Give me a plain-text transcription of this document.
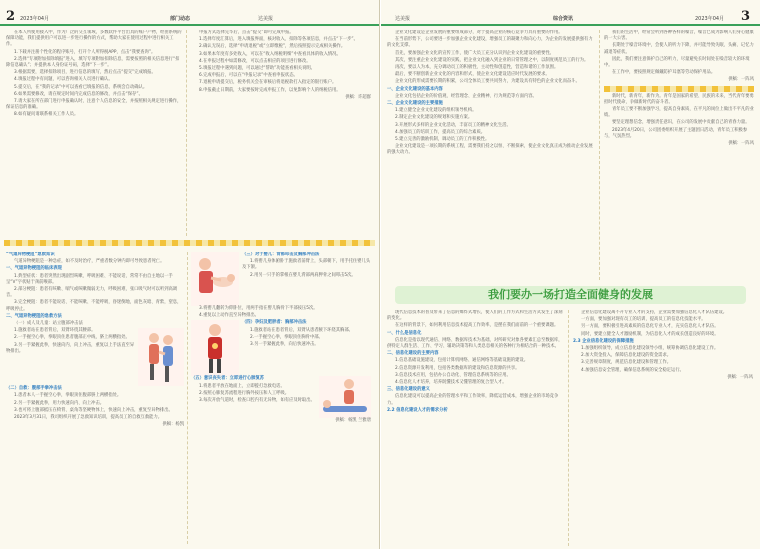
2 2023年04月	部门动态	达美报

在本人所使用接入中，作为广泛的交互领域，多数软件平台出具的账户产物，经由系统的保障功能，我们提供用户可以进一步进行操作的方式，帮助大家在使用过程中进行相关工作。

1.下载并注册个性化的程序账号，打开个人所得税APP，点击“我要查询”。

2.选择“专项附加扣除填报”进入，填写专项附加扣除信息，需要按照的相关信息进行“扣除信息确认”；并提供本人身份证号码，选择“下一步”。

3.根据需要，选择扣除项目，进行信息的填写，然后点击“提交”完成填报。

4.填报过程中有问题，可以咨询相关人员进行确认。

5.提交后，在“我的记录”中可以查看已填报的信息，系统会自动确认。

6.如果需要修改，请在规定时间内完成信息的修改，并点击“保存”。

7.请大家在所在部门进行申报确认时，注意个人信息的安全，并按照相关规定进行操作，保证信息的准确。

8.如有疑问请联系相关工作人员。

申报方式选择完毕后，点击“提交”即可完成申报。

1.选择年度汇算后，进入填报界面，核对收入、扣除等各项信息，并点击“下一步”。

2.确认无误后，选择“申请退税”或“立即缴税”，然后按照提示完成相关操作。

3.如果本年度有多处收入，可以在“收入纳税明细”中查看具体的收入情况。

4.在申报过程中如需修改，可以点击相应的项目进行修改。

5.填报过程中遇到问题，可以通过“帮助”功能查看相关说明。

6.完成申报后，可以在“申报记录”中查看申报状态。

7.退税申请提交后，税务机关会在审核后将退税款打入指定的银行账户。

8.申报截止日期前，大家要按时完成申报工作，以免影响个人的纳税信用。

供稿：许超群

“气道异物梗阻”急救知识

气道异物梗阻是一种急症，如不及时治疗，严重者数分钟内即可导致患者死亡。

一、气道异物梗阻的临床表现

1.典型症状：患者突然出现剧烈咳嗽、呼吸困难、不能说话，常常不由自主地以一手呈“V”字状贴于颈前喉部。

2.部分梗阻：患者有咳嗽、喘气或咳嗽微弱无力，呼吸困难，张口吸气时可以听到高调音。

3.完全梗阻：患者不能说话、不能咳嗽、不能呼吸，昏迷倒地，面色灰暗、青紫，窒息，呼吸停止。

二、气道异物梗阻的急救方法

（一）成人及儿童：站立腹部冲击法

1.施救者站在患者背后，双臂环绕其腰部。

2.一手握空心拳，拳眼顶住患者腹部正中线，脐上两横指处。

3.另一手紧握此拳，快速向内、向上冲击，重复以上手法直至异物排出。

（二）自救：腹部手拳冲击法

1.患者本人一手握空心拳，拳眼顶住腹部脐上两横指处。

2.另一手紧握此拳，用力快速向内、向上冲击。

3.也可将上腹部抵压在椅背、桌角等坚硬物体上，快速向上冲击，重复至异物排出。

2023年3月31日，我司组织开展了急救知识培训，提高员工的自救互救能力。

供稿：杨凯

（三）对于婴儿：背部叩击及胸部冲击法

1.将婴儿身体俯卧于施救者前臂上，头部朝下，用手托住婴儿头及下颌。

2.用另一只手的掌根在婴儿背部两肩胛骨之间叩击5次。

3.将婴儿翻转为仰卧位，用两手指在婴儿胸骨下半部按压5次。

4.重复以上动作直至异物排出。

（四）孕妇及肥胖者：胸部冲击法

1.施救者站在患者背后，双臂从患者腋下环绕其胸部。

2.一手握空心拳，拳眼顶住胸骨中部。

3.另一手紧握此拳，向后快速冲击。

（五）意识丧失者：立即进行心肺复苏

1.将患者平放在地面上，立即拨打急救电话。

2.按照心肺复苏流程进行胸外按压和人工呼吸。

3.每次开放气道时，检查口腔内有无异物，如有应及时取出。

供稿：杨凯 兰雅唐

达美报	综合资讯	2023年04月 3

企业文化建设是企业发展的重要组成部分，对于提高企业的核心竞争力具有重要的作用。

在当前形势下，公司要进一步加强企业文化建设，增强员工的凝聚力和向心力，为企业的发展提供强有力的文化支撑。

首先，要加强企业文化的宣传工作，使广大员工充分认识到企业文化建设的重要性。

其次，要注重企业文化建设的实践，把企业文化融入到企业的日常管理之中，以制度规范员工的行为。

再次，要以人为本，充分调动员工的积极性、主动性和创造性，营造和谐的工作氛围。

最后，要不断创新企业文化的内容和形式，使企业文化建设适应时代发展的要求。

企业文化的形成需要长期的积累，公司全体员工要共同努力，为建设具有特色的企业文化而奋斗。

一、企业文化建设的基本内容

企业文化包括企业的价值观、经营理念、企业精神、行为规范等方面内容。

二、企业文化建设的主要措施

1.建立健全企业文化建设的组织领导机构。

2.制定企业文化建设的规划和实施方案。

3.开展形式多样的企业文化活动，丰富员工的精神文化生活。

4.加强员工的培训工作，提高员工的综合素质。

5.建立完善的激励机制，调动员工的工作积极性。

企业文化建设是一项长期的系统工程，需要我们持之以恒、不断探索，使企业文化真正成为推动企业发展的强大动力。

我们的生活中，经常会听到各种各样的噪音，噪音已成为影响人们身心健康的一大公害。

长期处于噪音环境中，会使人的听力下降，并可能导致失眠、头痛、记忆力减退等症状。

因此，我们要注意保护自己的听力，尽量避免长时间处在噪音较大的环境中。

在工作中，要按照规定佩戴防护耳塞等劳动保护用品。

供稿：一阵风

新时代，新青年，新作为。青年是国家的希望、民族的未来，当代青年要勇担时代使命，争做新时代的奋斗者。

青年员工要不断加强学习，提高自身素质，在平凡的岗位上做出不平凡的业绩。

要坚定理想信念，增强责任意识，在公司的发展中贡献自己的青春力量。

2023年4月20日，公司团委组织开展了主题团日活动，青年员工积极参与，气氛热烈。

供稿：一阵风

我们要办一场打造全面健身的发展

现代信息技术的普及带来了信息的爆炸式增长，使人们的工作方式和生活方式发生了深刻的变化。

在这样的背景下，如何利用信息技术提高工作效率，是摆在我们面前的一个重要课题。

一、什么是信息化

信息化是指以现代通信、网络、数据库技术为基础，对所研究对象各要素汇总至数据库，供特定人群生活、工作、学习、辅助决策等和人类息息相关的各种行为相结合的一种技术。

二、信息化建设的主要内容

1.信息基础设施建设，包括计算机网络、通信网络等基础设施的建设。

2.信息资源开发利用，包括各类数据库的建设和信息资源的共享。

3.信息技术应用，包括办公自动化、管理信息系统等的应用。

4.信息化人才培养，培养既懂技术又懂管理的复合型人才。

三、信息化建设的意义

信息化建设可以提高企业的管理水平和工作效率，降低运营成本，增强企业的市场竞争力。

2.2 信息化建设人才的需求分析

企业信息化建设离不开专业人才的支持，企业需要加强信息化人才队伍建设。

一方面，要加强对现有员工的培训，提高员工的信息化技能水平。

另一方面，要积极引进高素质的信息化专业人才，充实信息化人才队伍。

同时，要建立健全人才激励机制，为信息化人才的成长创造良好的环境。

2.3 企业信息化建设的保障措施

1.加强组织领导，成立信息化建设领导小组，统筹协调信息化建设工作。

2.加大资金投入，保障信息化建设的资金需求。

3.完善规章制度，规范信息化建设和管理工作。

4.加强信息安全管理，确保信息系统的安全稳定运行。

供稿：一阵风
